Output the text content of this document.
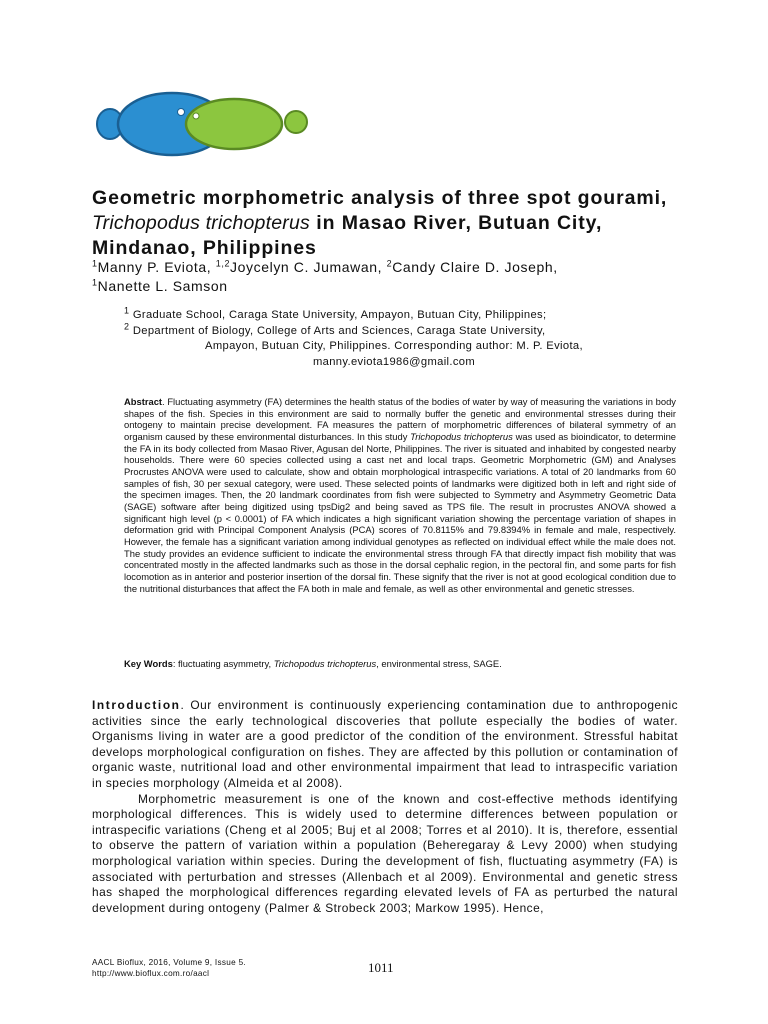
Geometric morphometric analysis of three spot gourami, Trichopodus trichopterus in Masao River, Butuan City, Mindanao, Philippines

$^1$Manny P. Eviota, $^{1,2}$Joycelyn C. Jumawan, $^2$Candy Claire D. Joseph,
$^1$Nanette L. Samson

$^1$ Graduate School, Caraga State University, Ampayon, Butuan City, Philippines;
$^2$ Department of Biology, College of Arts and Sciences, Caraga State University,
Ampayon, Butuan City, Philippines. Corresponding author: M. P. Eviota,
manny.eviota1986@gmail.com

Abstract. Fluctuating asymmetry (FA) determines the health status of the bodies of water by way of measuring the variations in body shapes of the fish. Species in this environment are said to normally buffer the genetic and environmental stresses during their ontogeny to maintain precise development. FA measures the pattern of morphometric differences of bilateral symmetry of an organism caused by these environmental disturbances. In this study Trichopodus trichopterus was used as bioindicator, to determine the FA in its body collected from Masao River, Agusan del Norte, Philippines. The river is situated and inhabited by congested nearby households. There were 60 species collected using a cast net and local traps. Geometric Morphometric (GM) and Analyses Procrustes ANOVA were used to calculate, show and obtain morphological intraspecific variations. A total of 20 landmarks from 60 samples of fish, 30 per sexual category, were used. These selected points of landmarks were digitized both in left and right side of the specimen images. Then, the 20 landmark coordinates from fish were subjected to Symmetry and Asymmetry Geometric Data (SAGE) software after being digitized using tpsDig2 and being saved as TPS file. The result in procrustes ANOVA showed a significant high level (p < 0.0001) of FA which indicates a high significant variation showing the percentage variation of shapes in deformation grid with Principal Component Analysis (PCA) scores of 70.8115% and 79.8394% in female and male, respectively. However, the female has a significant variation among individual genotypes as reflected on individual effect while the male does not. The study provides an evidence sufficient to indicate the environmental stress through FA that directly impact fish mobility that was concentrated mostly in the affected landmarks such as those in the dorsal cephalic region, in the pectoral fin, and some parts for fish locomotion as in anterior and posterior insertion of the dorsal fin. These signify that the river is not at good ecological condition due to the nutritional disturbances that affect the FA both in male and female, as well as other environmental and genetic stresses.

Key Words: fluctuating asymmetry, Trichopodus trichopterus, environmental stress, SAGE.

Introduction. Our environment is continuously experiencing contamination due to anthropogenic activities since the early technological discoveries that pollute especially the bodies of water. Organisms living in water are a good predictor of the condition of the environment. Stressful habitat develops morphological configuration on fishes. They are affected by this pollution or contamination of organic waste, nutritional load and other environmental impairment that lead to intraspecific variation in species morphology (Almeida et al 2008).

Morphometric measurement is one of the known and cost-effective methods identifying morphological differences. This is widely used to determine differences between population or intraspecific variations (Cheng et al 2005; Buj et al 2008; Torres et al 2010). It is, therefore, essential to observe the pattern of variation within a population (Beheregaray & Levy 2000) when studying morphological variation within species. During the development of fish, fluctuating asymmetry (FA) is associated with perturbation and stresses (Allenbach et al 2009). Environmental and genetic stress has shaped the morphological differences regarding elevated levels of FA as perturbed the natural development during ontogeny (Palmer & Strobeck 2003; Markow 1995). Hence,

AACL Bioflux, 2016, Volume 9, Issue 5.
http://www.bioflux.com.ro/aacl	1011
